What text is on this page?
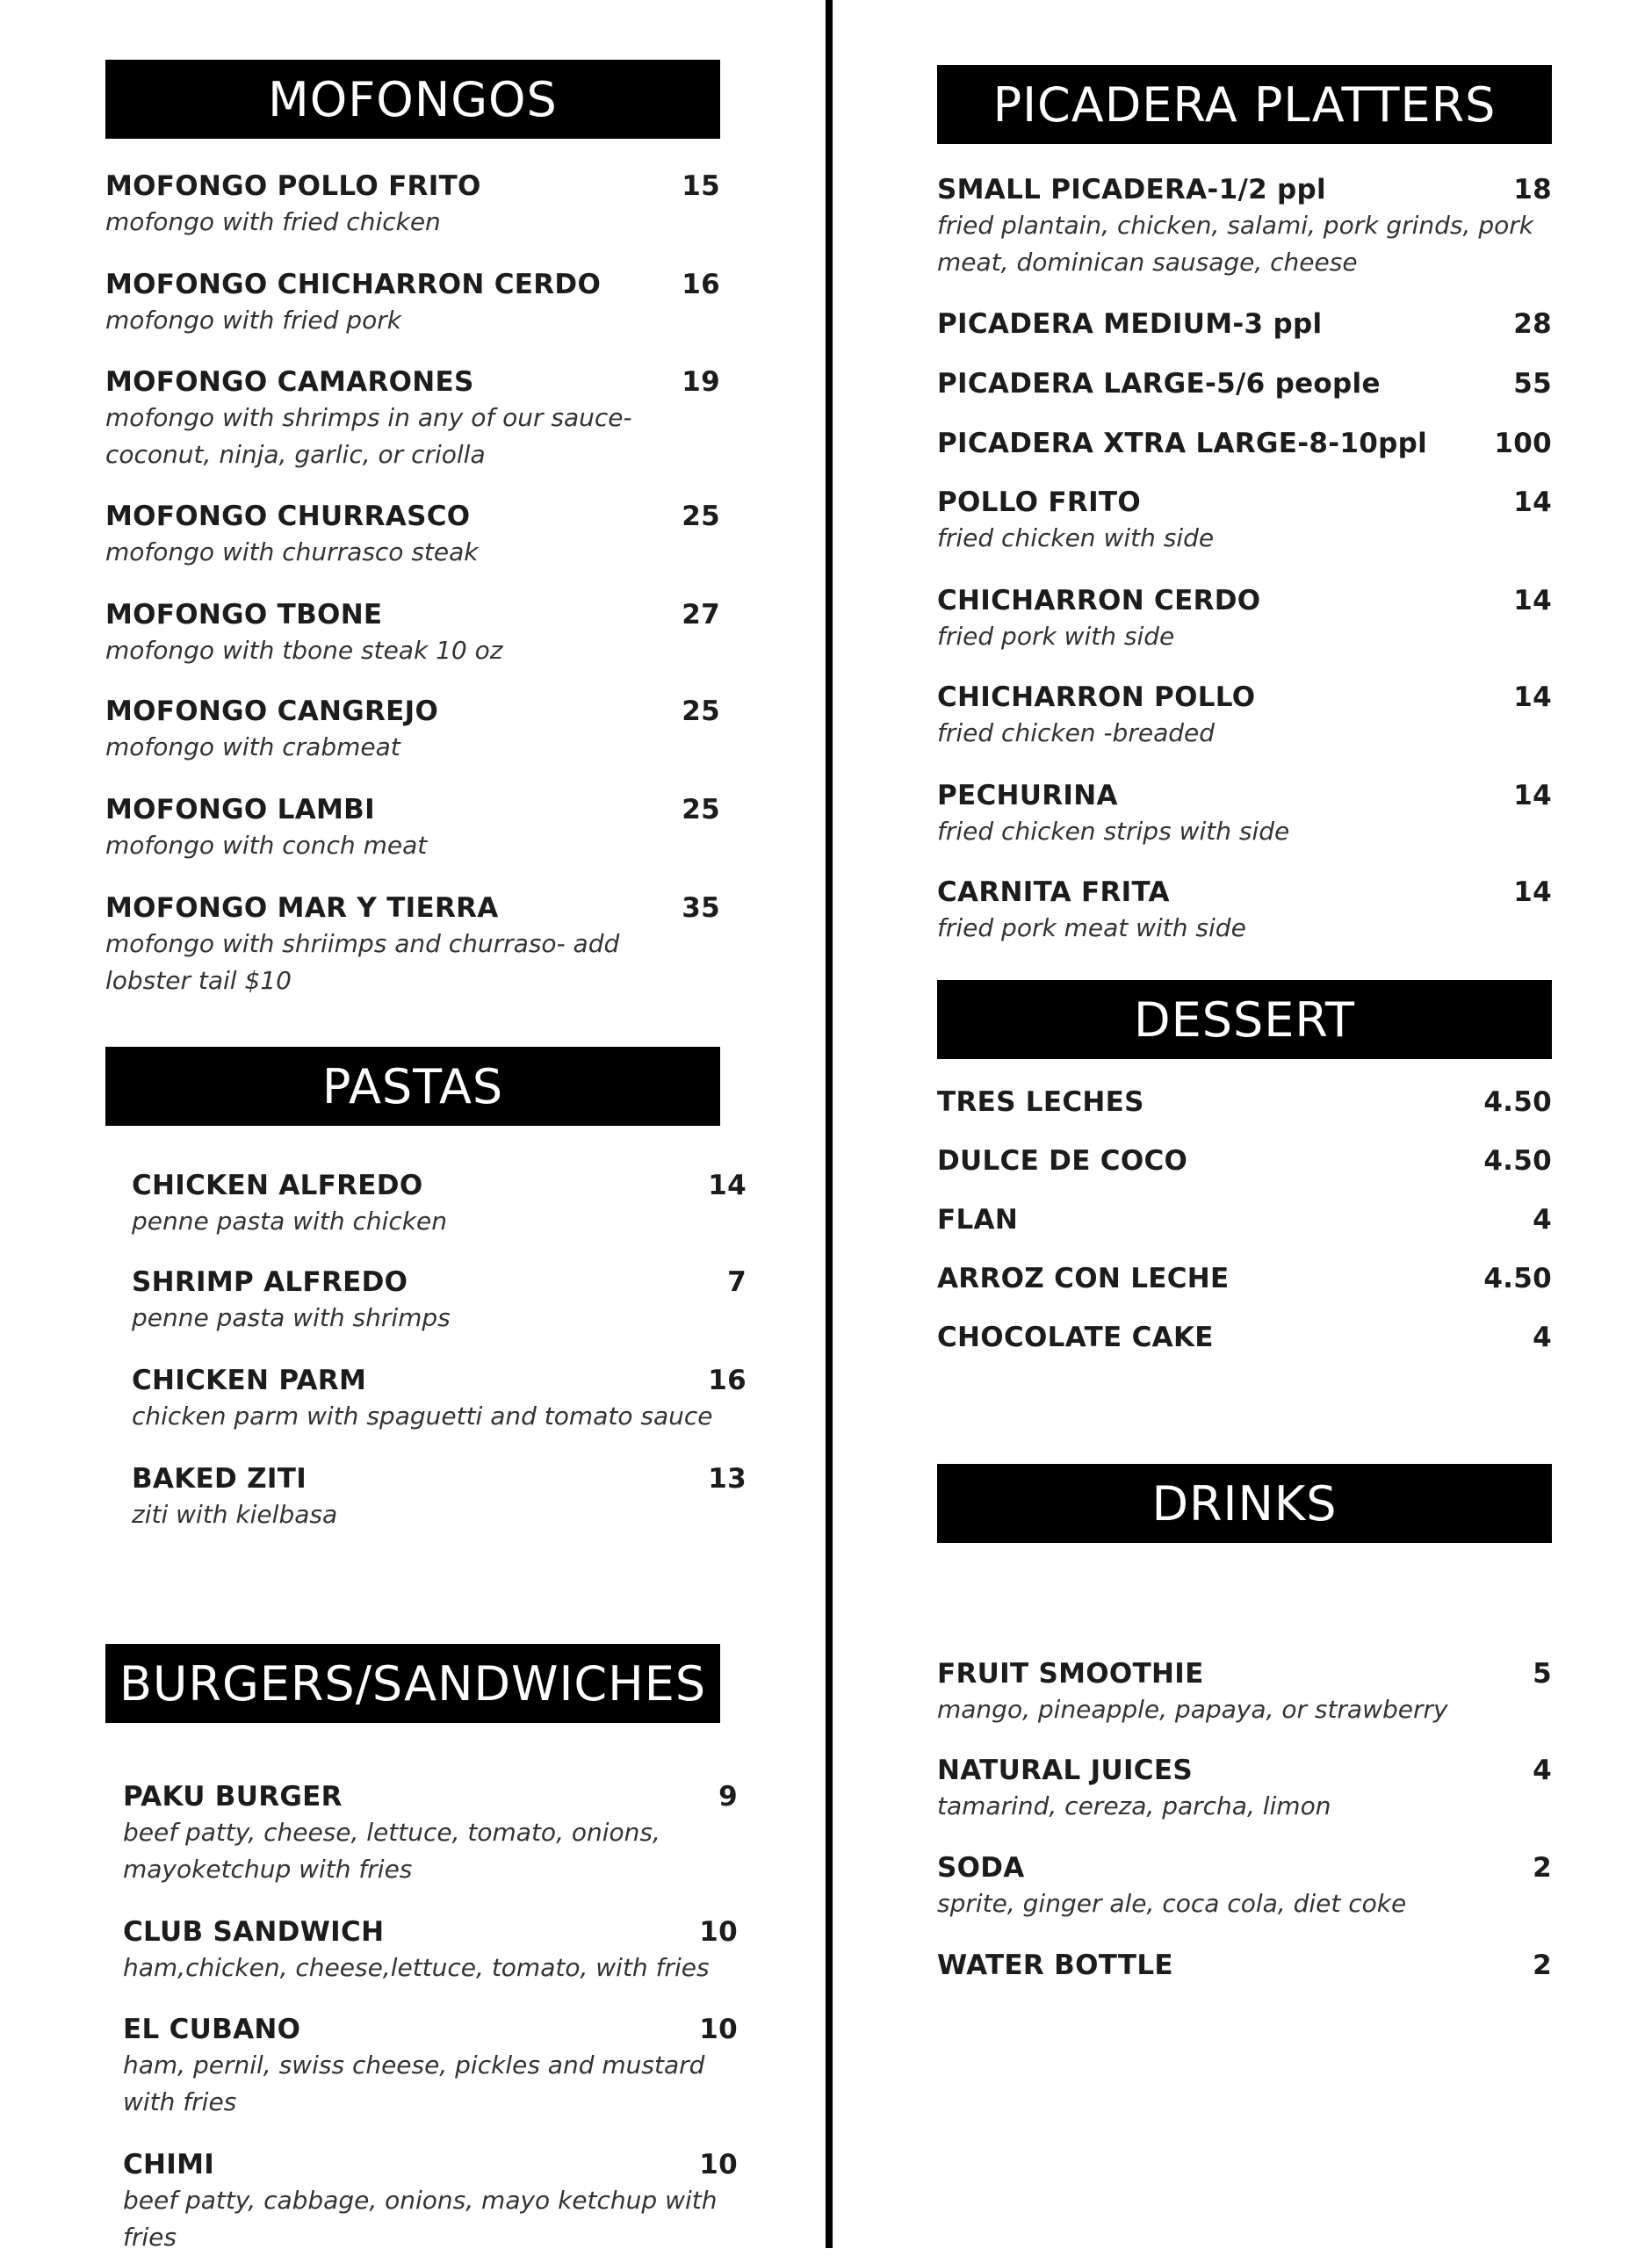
MOFONGOS
MOFONGO POLLO FRITO	15
mofongo with fried chicken
MOFONGO CHICHARRON CERDO	16
mofongo with fried pork
MOFONGO CAMARONES	19
mofongo with shrimps in any of our sauce- coconut, ninja, garlic, or criolla
MOFONGO CHURRASCO	25
mofongo with churrasco steak
MOFONGO TBONE	27
mofongo with tbone steak 10 oz
MOFONGO CANGREJO	25
mofongo with crabmeat
MOFONGO LAMBI	25
mofongo with conch meat
MOFONGO MAR Y TIERRA	35
mofongo with shriimps and churraso- add lobster tail $10
PASTAS
CHICKEN ALFREDO	14
penne pasta with chicken
SHRIMP ALFREDO	7
penne pasta with shrimps
CHICKEN PARM	16
chicken parm with spaguetti and tomato sauce
BAKED ZITI	13
ziti with kielbasa
BURGERS/SANDWICHES
PAKU BURGER	9
beef patty, cheese, lettuce, tomato, onions, mayoketchup with fries
CLUB SANDWICH	10
ham,chicken, cheese,lettuce, tomato, with fries
EL CUBANO	10
ham, pernil, swiss cheese, pickles and mustard with fries
CHIMI	10
beef patty, cabbage, onions, mayo ketchup with fries
PICADERA PLATTERS
SMALL PICADERA-1/2 ppl	18
fried plantain, chicken, salami, pork grinds, pork meat, dominican sausage, cheese
PICADERA MEDIUM-3 ppl	28
PICADERA LARGE-5/6 people	55
PICADERA XTRA LARGE-8-10ppl 100
POLLO FRITO	14
fried chicken with side
CHICHARRON CERDO	14
fried pork with side
CHICHARRON POLLO	14
fried chicken -breaded
PECHURINA	14
fried chicken strips with side
CARNITA FRITA	14
fried pork meat with side
DESSERT
TRES LECHES	4.50
DULCE DE COCO	4.50
FLAN	4
ARROZ CON LECHE	4.50
CHOCOLATE CAKE	4
DRINKS
FRUIT SMOOTHIE	5
mango, pineapple, papaya, or strawberry
NATURAL JUICES	4
tamarind, cereza, parcha, limon
SODA	2
sprite, ginger ale, coca cola, diet coke
WATER BOTTLE	2
